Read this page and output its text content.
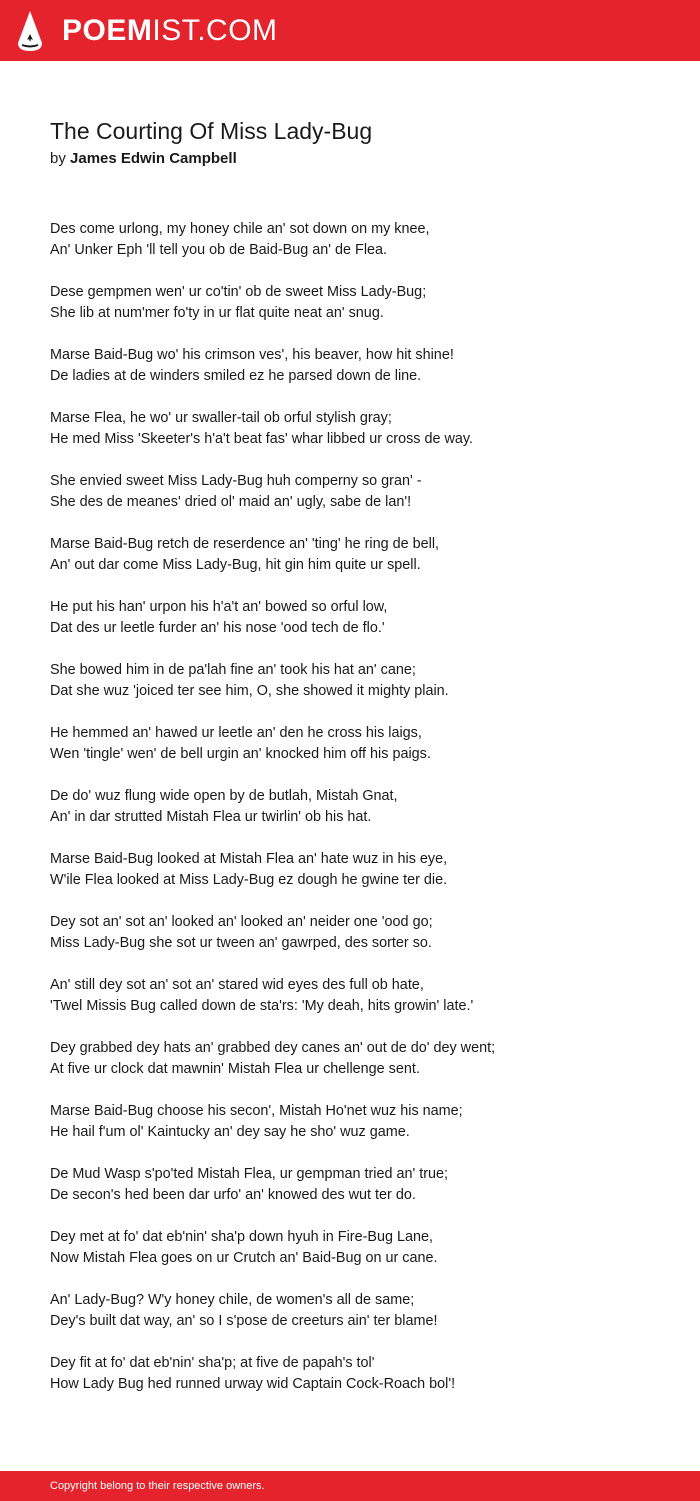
POEMIST.COM
The Courting Of Miss Lady-Bug
by James Edwin Campbell
Des come urlong, my honey chile an' sot down on my knee,
An' Unker Eph 'll tell you ob de Baid-Bug an' de Flea.
Dese gempmen wen' ur co'tin' ob de sweet Miss Lady-Bug;
She lib at num'mer fo'ty in ur flat quite neat an' snug.
Marse Baid-Bug wo' his crimson ves', his beaver, how hit shine!
De ladies at de winders smiled ez he parsed down de line.
Marse Flea, he wo' ur swaller-tail ob orful stylish gray;
He med Miss 'Skeeter's h'a't beat fas' whar libbed ur cross de way.
She envied sweet Miss Lady-Bug huh comperny so gran' -
She des de meanes' dried ol' maid an' ugly, sabe de lan'!
Marse Baid-Bug retch de reserdence an' 'ting' he ring de bell,
An' out dar come Miss Lady-Bug, hit gin him quite ur spell.
He put his han' urpon his h'a't an' bowed so orful low,
Dat des ur leetle furder an' his nose 'ood tech de flo.'
She bowed him in de pa'lah fine an' took his hat an' cane;
Dat she wuz 'joiced ter see him, O, she showed it mighty plain.
He hemmed an' hawed ur leetle an' den he cross his laigs,
Wen 'tingle' wen' de bell urgin an' knocked him off his paigs.
De do' wuz flung wide open by de butlah, Mistah Gnat,
An' in dar strutted Mistah Flea ur twirlin' ob his hat.
Marse Baid-Bug looked at Mistah Flea an' hate wuz in his eye,
W'ile Flea looked at Miss Lady-Bug ez dough he gwine ter die.
Dey sot an' sot an' looked an' looked an' neider one 'ood go;
Miss Lady-Bug she sot ur tween an' gawrped, des sorter so.
An' still dey sot an' sot an' stared wid eyes des full ob hate,
'Twel Missis Bug called down de sta'rs: 'My deah, hits growin' late.'
Dey grabbed dey hats an' grabbed dey canes an' out de do' dey went;
At five ur clock dat mawnin' Mistah Flea ur chellenge sent.
Marse Baid-Bug choose his secon', Mistah Ho'net wuz his name;
He hail f'um ol' Kaintucky an' dey say he sho' wuz game.
De Mud Wasp s'po'ted Mistah Flea, ur gempman tried an' true;
De secon's hed been dar urfo' an' knowed des wut ter do.
Dey met at fo' dat eb'nin' sha'p down hyuh in Fire-Bug Lane,
Now Mistah Flea goes on ur Crutch an' Baid-Bug on ur cane.
An' Lady-Bug? W'y honey chile, de women's all de same;
Dey's built dat way, an' so I s'pose de creeturs ain' ter blame!
Dey fit at fo' dat eb'nin' sha'p; at five de papah's tol'
How Lady Bug hed runned urway wid Captain Cock-Roach bol'!
Copyright belong to their respective owners.
